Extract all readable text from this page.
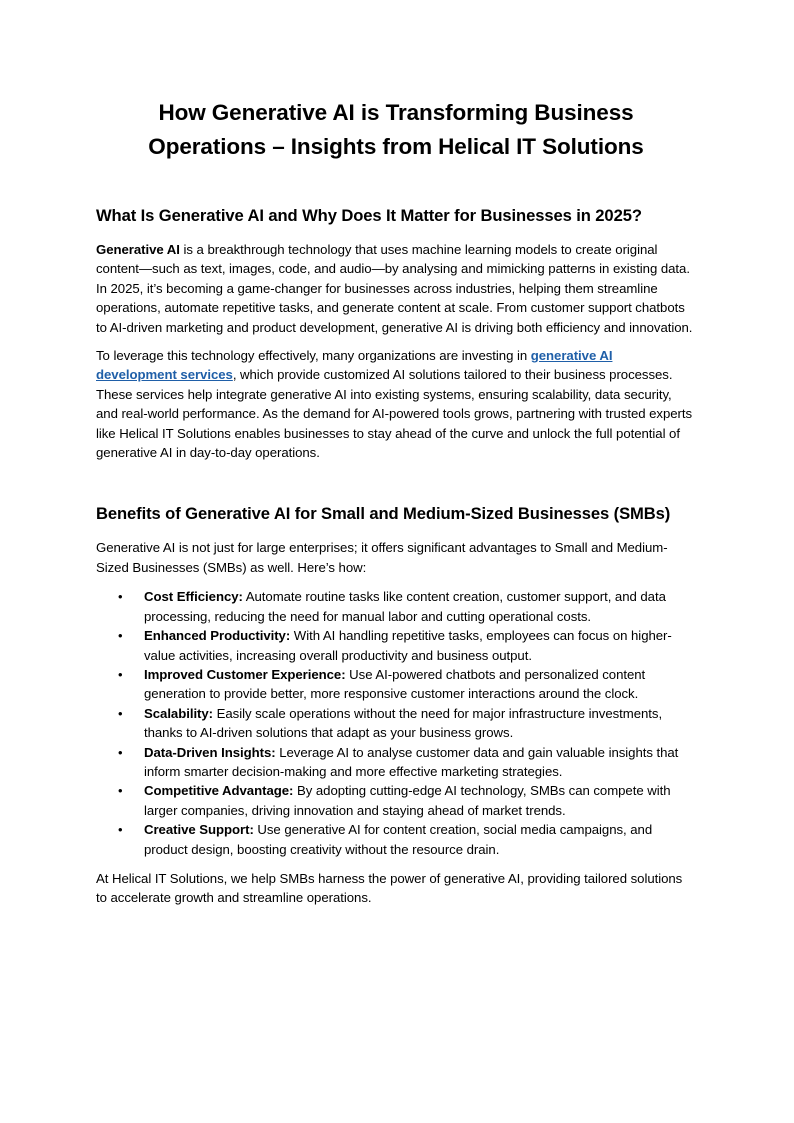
How Generative AI is Transforming Business
Operations – Insights from Helical IT Solutions
What Is Generative AI and Why Does It Matter for Businesses in 2025?

Generative AI is a breakthrough technology that uses machine learning models to create original content—such as text, images, code, and audio—by analysing and mimicking patterns in existing data. In 2025, it’s becoming a game-changer for businesses across industries, helping them streamline operations, automate repetitive tasks, and generate content at scale. From customer support chatbots to AI-driven marketing and product development, generative AI is driving both efficiency and innovation.

To leverage this technology effectively, many organizations are investing in generative AI development services, which provide customized AI solutions tailored to their business processes. These services help integrate generative AI into existing systems, ensuring scalability, data security, and real-world performance. As the demand for AI-powered tools grows, partnering with trusted experts like Helical IT Solutions enables businesses to stay ahead of the curve and unlock the full potential of generative AI in day-to-day operations.

Benefits of Generative AI for Small and Medium-Sized Businesses (SMBs)

Generative AI is not just for large enterprises; it offers significant advantages to Small and Medium-Sized Businesses (SMBs) as well. Here’s how:

• Cost Efficiency: Automate routine tasks like content creation, customer support, and data processing, reducing the need for manual labor and cutting operational costs.
• Enhanced Productivity: With AI handling repetitive tasks, employees can focus on higher-value activities, increasing overall productivity and business output.
• Improved Customer Experience: Use AI-powered chatbots and personalized content generation to provide better, more responsive customer interactions around the clock.
• Scalability: Easily scale operations without the need for major infrastructure investments, thanks to AI-driven solutions that adapt as your business grows.
• Data-Driven Insights: Leverage AI to analyse customer data and gain valuable insights that inform smarter decision-making and more effective marketing strategies.
• Competitive Advantage: By adopting cutting-edge AI technology, SMBs can compete with larger companies, driving innovation and staying ahead of market trends.
• Creative Support: Use generative AI for content creation, social media campaigns, and product design, boosting creativity without the resource drain.

At Helical IT Solutions, we help SMBs harness the power of generative AI, providing tailored solutions to accelerate growth and streamline operations.
